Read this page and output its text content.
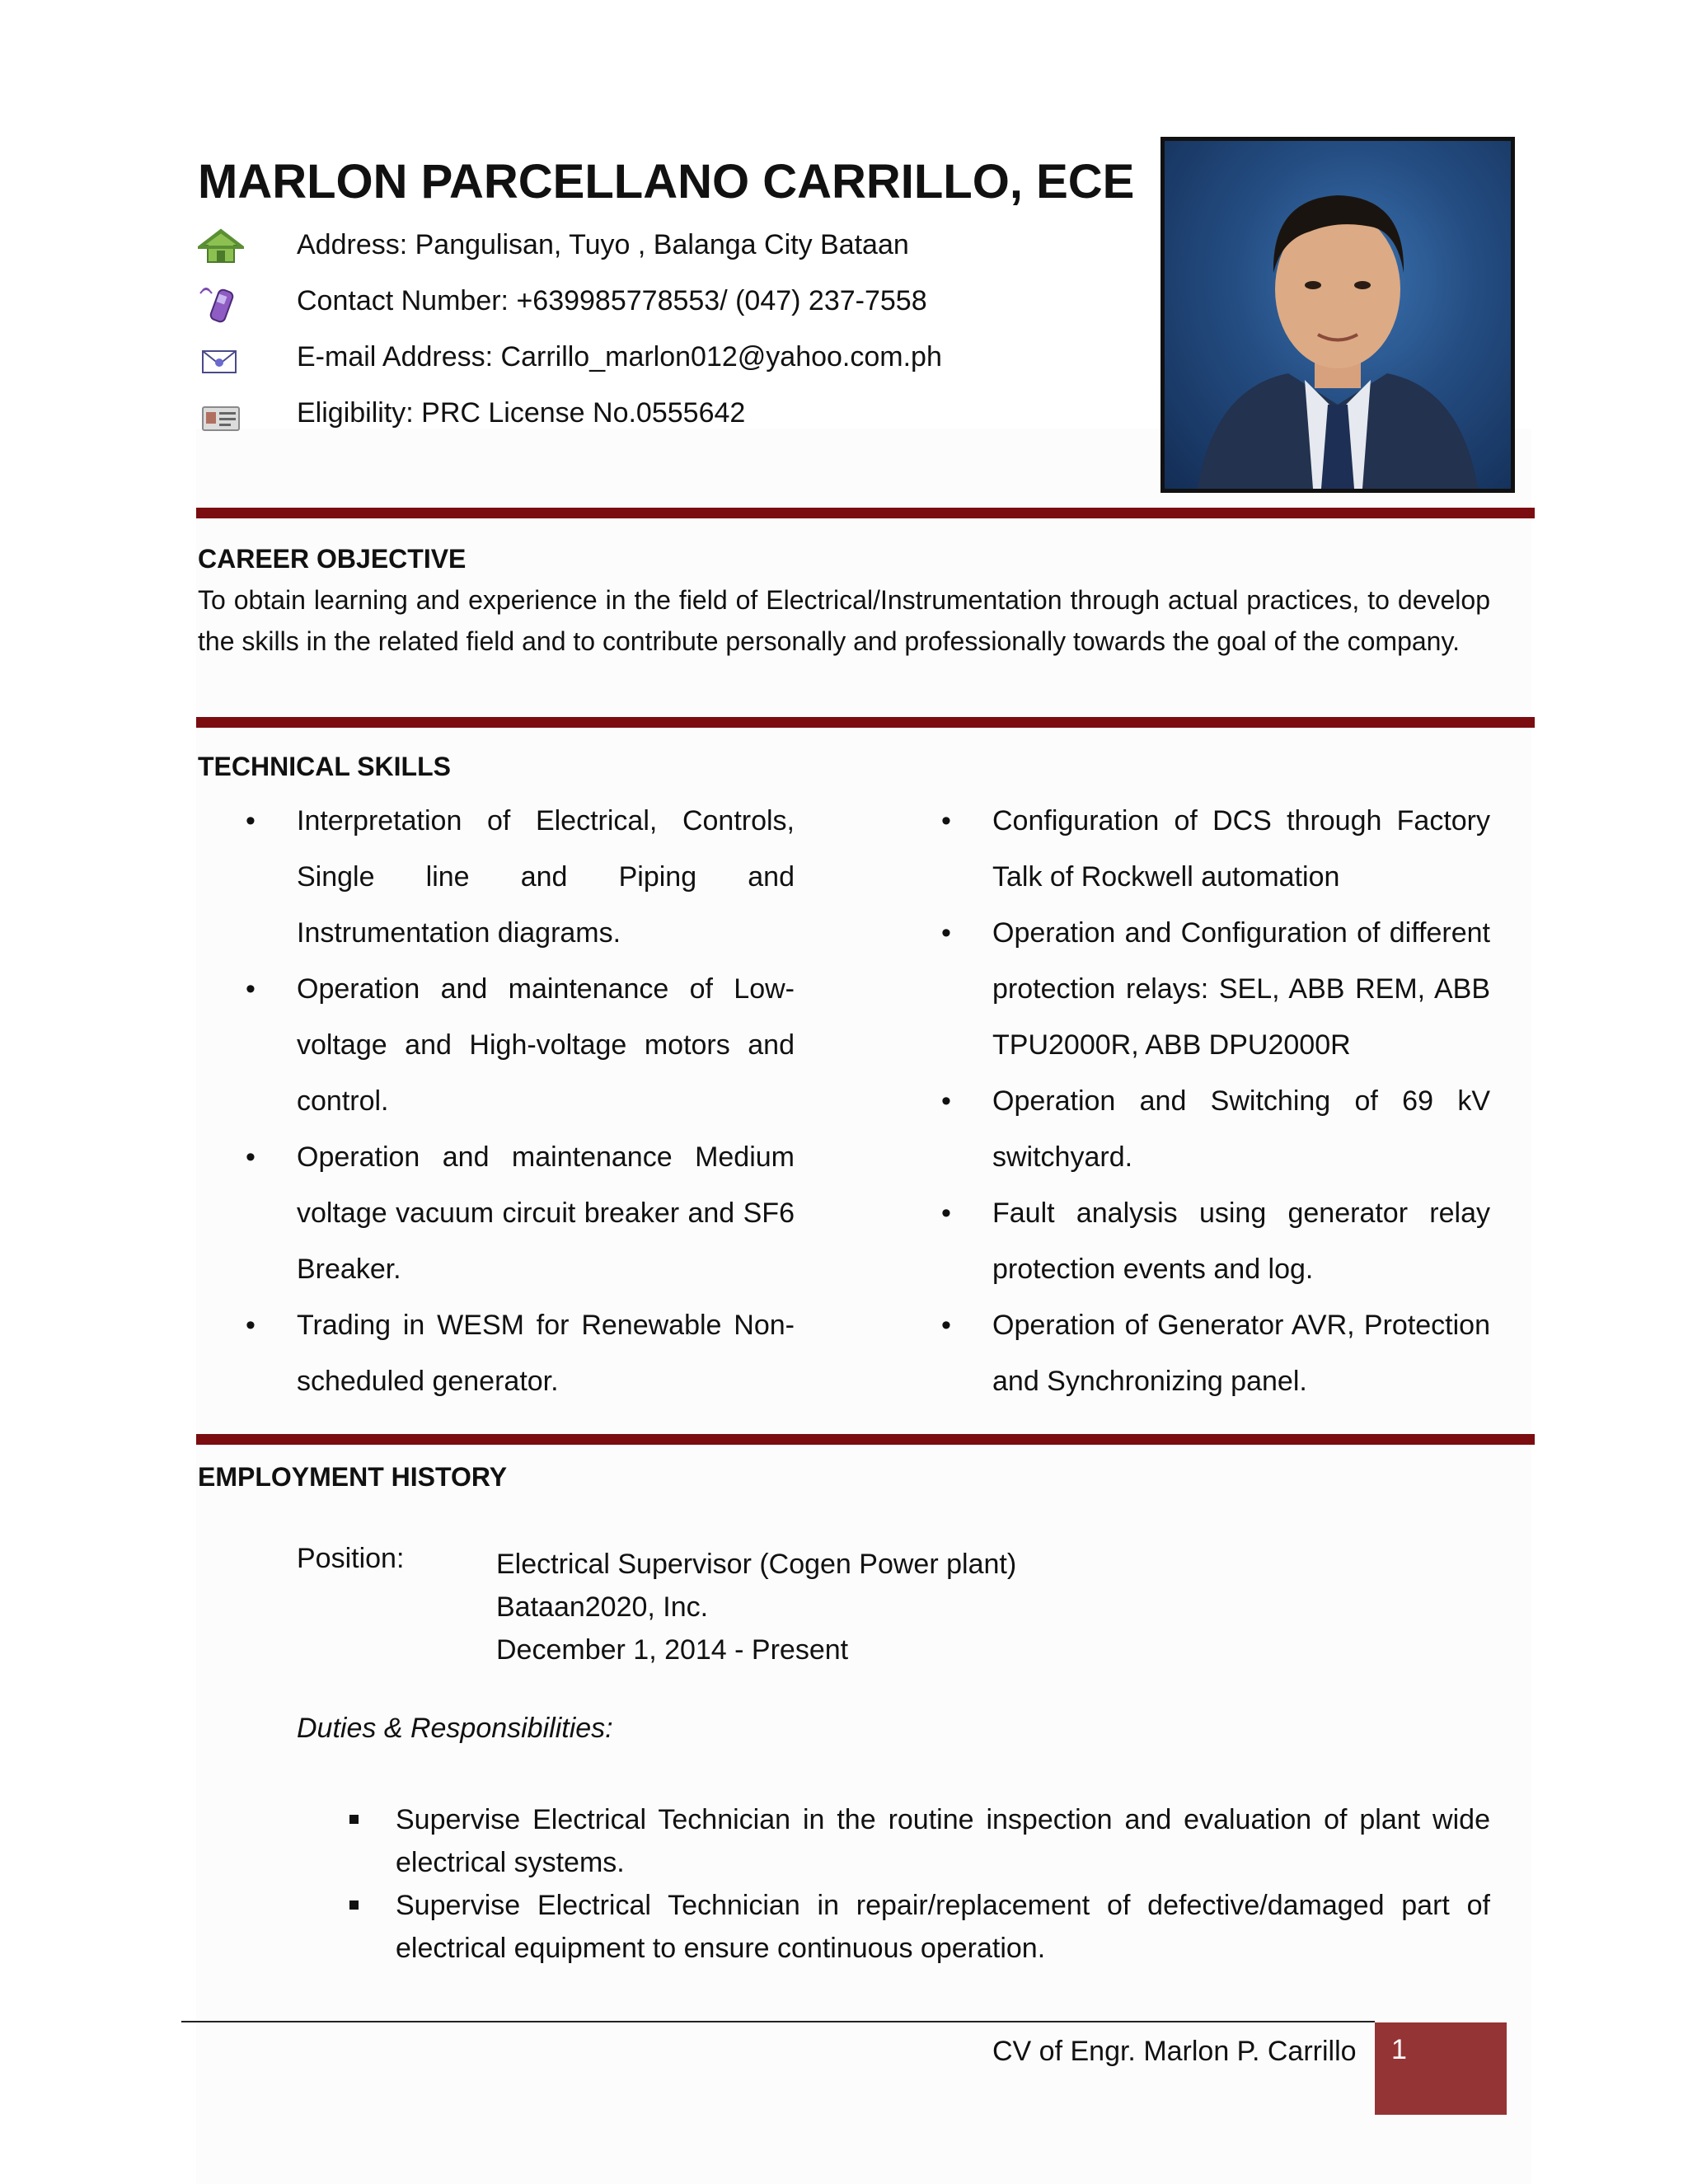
MARLON PARCELLANO CARRILLO, ECE
Address: Pangulisan, Tuyo , Balanga City Bataan
Contact Number: +639985778553/ (047) 237-7558
E-mail Address: Carrillo_marlon012@yahoo.com.ph
Eligibility: PRC License No.0555642
CAREER OBJECTIVE
To obtain learning and experience in the field of Electrical/Instrumentation through actual practices, to develop the skills in the related field and to contribute personally and professionally towards the goal of the company.
TECHNICAL SKILLS
• Interpretation of Electrical, Controls, Single line and Piping and Instrumentation diagrams.
• Operation and maintenance of Low-voltage and High-voltage motors and control.
• Operation and maintenance Medium voltage vacuum circuit breaker and SF6 Breaker.
• Trading in WESM for Renewable Non-scheduled generator.
• Configuration of DCS through Factory Talk of Rockwell automation
• Operation and Configuration of different protection relays: SEL, ABB REM, ABB TPU2000R, ABB DPU2000R
• Operation and Switching of 69 kV switchyard.
• Fault analysis using generator relay protection events and log.
• Operation of Generator AVR, Protection and Synchronizing panel.
EMPLOYMENT HISTORY
Position:	Electrical Supervisor (Cogen Power plant)
Bataan2020, Inc.
December 1, 2014 - Present
Duties & Responsibilities:
Supervise Electrical Technician in the routine inspection and evaluation of plant wide electrical systems.
Supervise Electrical Technician in repair/replacement of defective/damaged part of electrical equipment to ensure continuous operation.
CV of Engr. Marlon P. Carrillo 1
